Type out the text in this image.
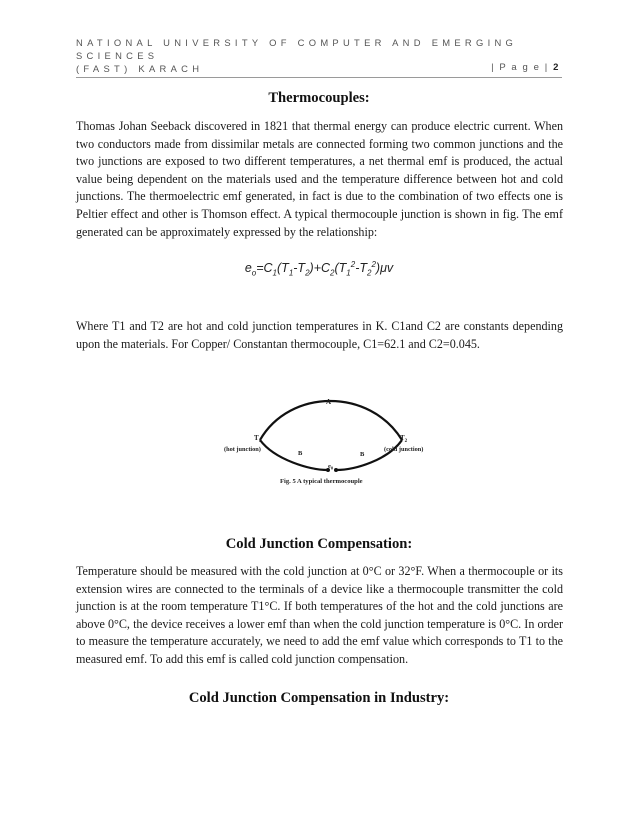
NATIONAL UNIVERSITY OF COMPUTER AND EMERGING SCIENCES
(FAST) KARACH	| P a g e | 2
Thermocouples:

Thomas Johan Seeback discovered in 1821 that thermal energy can produce electric current. When two conductors made from dissimilar metals are connected forming two common junctions and the two junctions are exposed to two different temperatures, a net thermal emf is produced, the actual value being dependent on the materials used and the temperature difference between hot and cold junctions. The thermoelectric emf generated, in fact is due to the combination of two effects one is Peltier effect and other is Thomson effect. A typical thermocouple junction is shown in fig. The emf generated can be approximately expressed by the relationship:

$e_o=C_1(T_1-T_2)+C_2(T_1^2-T_2^2)\mu v$

Where T1 and T2 are hot and cold junction temperatures in K. C1and C2 are constants depending upon the materials. For Copper/ Constantan thermocouple, C1=62.1 and C2=0.045.

A
$T_1$
(hot junction)
$T_2$
(cold junction)
B	B
$e_0$
Fig. 5 A typical thermocouple
Cold Junction Compensation:

Temperature should be measured with the cold junction at 0°C or 32°F. When a thermocouple or its extension wires are connected to the terminals of a device like a thermocouple transmitter the cold junction is at the room temperature T1°C. If both temperatures of the hot and the cold junctions are above 0°C, the device receives a lower emf than when the cold junction temperature is 0°C. In order to measure the temperature accurately, we need to add the emf value which corresponds to T1 to the measured emf. To add this emf is called cold junction compensation.

Cold Junction Compensation in Industry:
